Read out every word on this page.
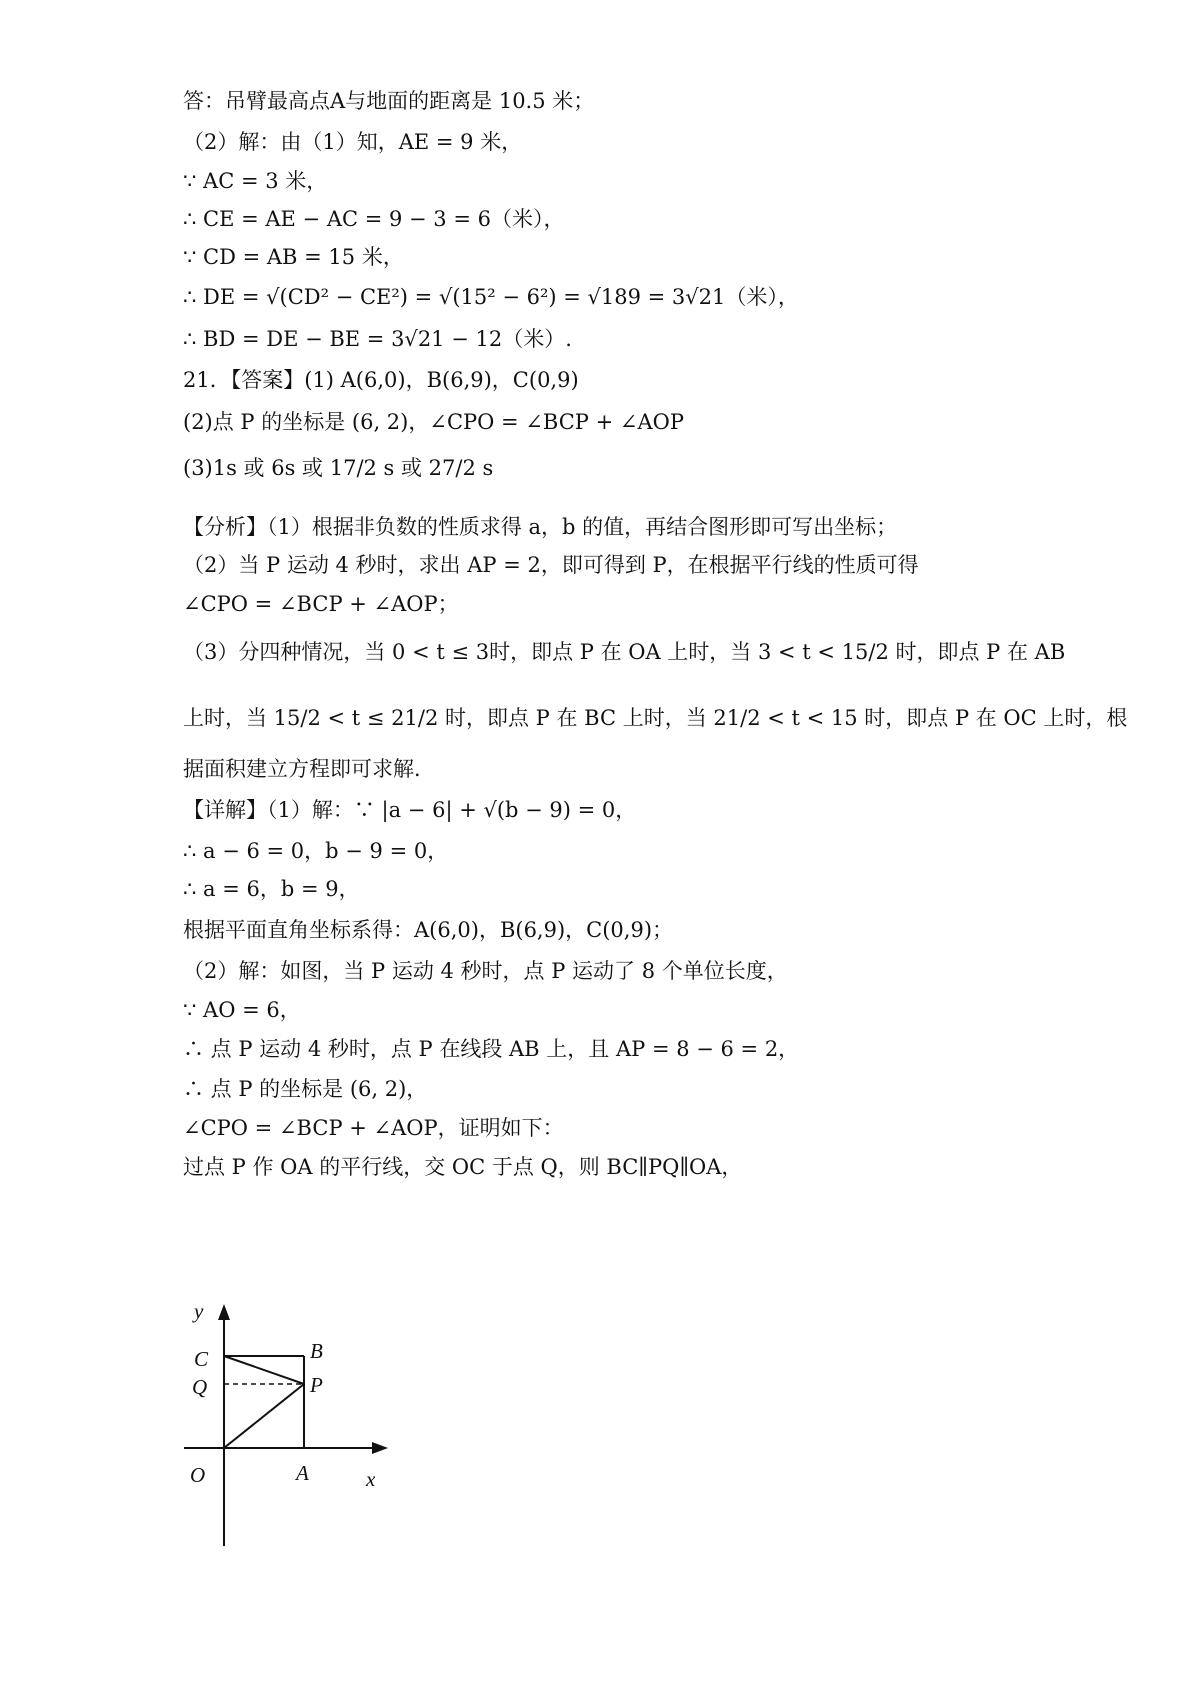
答：吊臂最高点A与地面的距离是 10.5 米；
（2）解：由（1）知，AE = 9 米，
∵ AC = 3 米，
∴ CE = AE − AC = 9 − 3 = 6（米），
∵ CD = AB = 15 米，
∴ DE = √(CD² − CE²) = √(15² − 6²) = √189 = 3√21（米），
∴ BD = DE − BE = 3√21 − 12（米）.
21．【答案】(1) A(6,0)，B(6,9)，C(0,9)
(2)点 P 的坐标是 (6, 2)，∠CPO = ∠BCP + ∠AOP
(3)1s 或 6s 或 17/2 s 或 27/2 s
【分析】（1）根据非负数的性质求得 a，b 的值，再结合图形即可写出坐标；
（2）当 P 运动 4 秒时，求出 AP = 2，即可得到 P，在根据平行线的性质可得
∠CPO = ∠BCP + ∠AOP；
（3）分四种情况，当 0 < t ≤ 3时，即点 P 在 OA 上时，当 3 < t < 15/2 时，即点 P 在 AB
上时，当 15/2 < t ≤ 21/2 时，即点 P 在 BC 上时，当 21/2 < t < 15 时，即点 P 在 OC 上时，根
据面积建立方程即可求解．
【详解】（1）解：∵ |a − 6| + √(b − 9) = 0，
∴ a − 6 = 0，b − 9 = 0，
∴ a = 6，b = 9，
根据平面直角坐标系得：A(6,0)，B(6,9)，C(0,9)；
（2）解：如图，当 P 运动 4 秒时，点 P 运动了 8 个单位长度，
∵ AO = 6，
∴ 点 P 运动 4 秒时，点 P 在线段 AB 上，且 AP = 8 − 6 = 2，
∴ 点 P 的坐标是 (6, 2)，
∠CPO = ∠BCP + ∠AOP，证明如下：
过点 P 作 OA 的平行线，交 OC 于点 Q，则 BC∥PQ∥OA，
y
C	B
Q	P
O	A	x
